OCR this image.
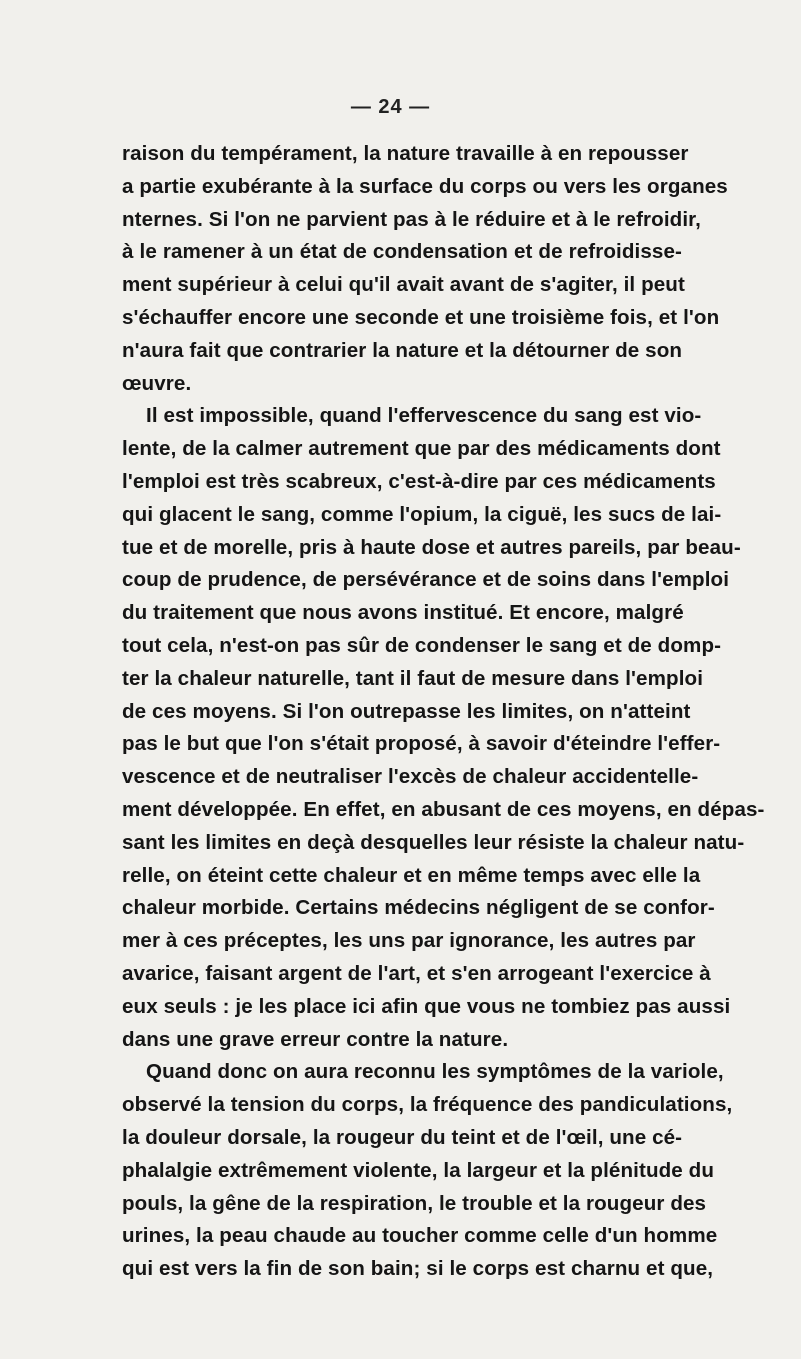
— 24 —
raison du tempérament, la nature travaille à en repousser
a partie exubérante à la surface du corps ou vers les organes
nternes. Si l'on ne parvient pas à le réduire et à le refroidir,
à le ramener à un état de condensation et de refroidisse-
ment supérieur à celui qu'il avait avant de s'agiter, il peut
s'échauffer encore une seconde et une troisième fois, et l'on
n'aura fait que contrarier la nature et la détourner de son
œuvre.
Il est impossible, quand l'effervescence du sang est vio-
lente, de la calmer autrement que par des médicaments dont
l'emploi est très scabreux, c'est-à-dire par ces médicaments
qui glacent le sang, comme l'opium, la ciguë, les sucs de lai-
tue et de morelle, pris à haute dose et autres pareils, par beau-
coup de prudence, de persévérance et de soins dans l'emploi
du traitement que nous avons institué. Et encore, malgré
tout cela, n'est-on pas sûr de condenser le sang et de domp-
ter la chaleur naturelle, tant il faut de mesure dans l'emploi
de ces moyens. Si l'on outrepasse les limites, on n'atteint
pas le but que l'on s'était proposé, à savoir d'éteindre l'effer-
vescence et de neutraliser l'excès de chaleur accidentelle-
ment développée. En effet, en abusant de ces moyens, en dépas-
sant les limites en deçà desquelles leur résiste la chaleur natu-
relle, on éteint cette chaleur et en même temps avec elle la
chaleur morbide. Certains médecins négligent de se confor-
mer à ces préceptes, les uns par ignorance, les autres par
avarice, faisant argent de l'art, et s'en arrogeant l'exercice à
eux seuls : je les place ici afin que vous ne tombiez pas aussi
dans une grave erreur contre la nature.
Quand donc on aura reconnu les symptômes de la variole,
observé la tension du corps, la fréquence des pandiculations,
la douleur dorsale, la rougeur du teint et de l'œil, une cé-
phalalgie extrêmement violente, la largeur et la plénitude du
pouls, la gêne de la respiration, le trouble et la rougeur des
urines, la peau chaude au toucher comme celle d'un homme
qui est vers la fin de son bain; si le corps est charnu et que,
